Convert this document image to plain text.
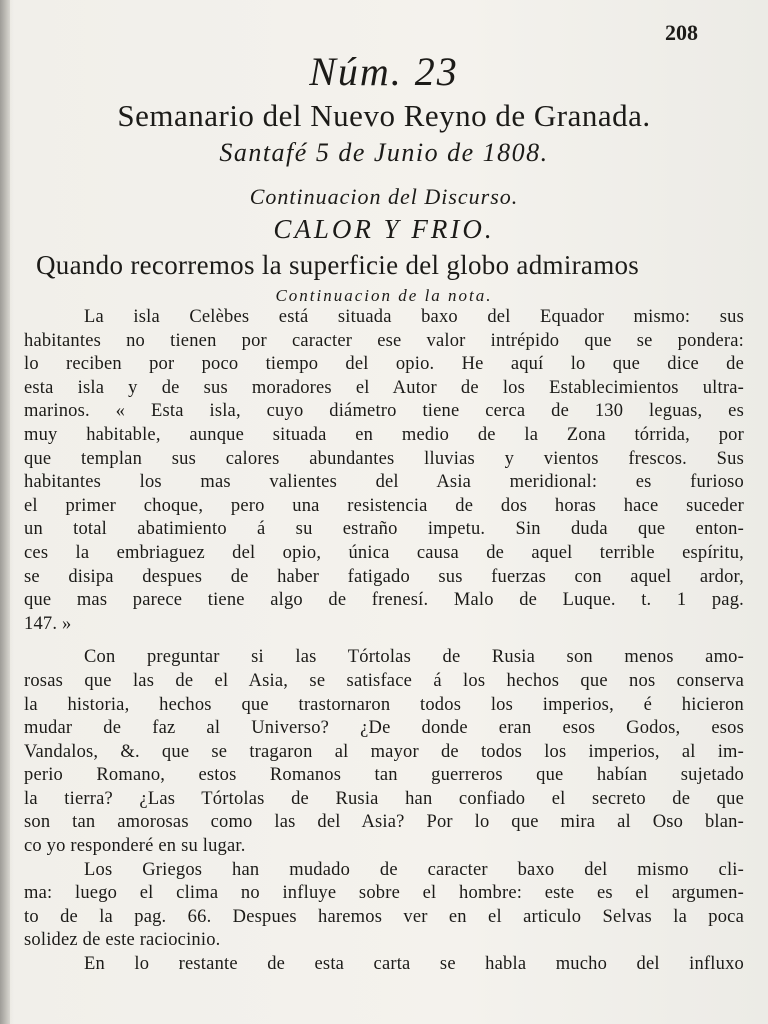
208
Núm. 23
Semanario del Nuevo Reyno de Granada.
Santafé 5 de Junio de 1808.
Continuacion del Discurso.
CALOR Y FRIO.
Quando recorremos la superficie del globo admiramos
Continuacion de la nota.
La isla Celèbes está situada baxo del Equador mismo: sus
habitantes no tienen por caracter ese valor intrépido que se pondera:
lo reciben por poco tiempo del opio. He aquí lo que dice de
esta isla y de sus moradores el Autor de los Establecimientos ultra-
marinos. « Esta isla, cuyo diámetro tiene cerca de 130 leguas, es
muy habitable, aunque situada en medio de la Zona tórrida, por
que templan sus calores abundantes lluvias y vientos frescos. Sus
habitantes los mas valientes del Asia meridional: es furioso
el primer choque, pero una resistencia de dos horas hace suceder
un total abatimiento á su estraño impetu. Sin duda que enton-
ces la embriaguez del opio, única causa de aquel terrible espíritu,
se disipa despues de haber fatigado sus fuerzas con aquel ardor,
que mas parece tiene algo de frenesí. Malo de Luque. t. 1 pag.
147. »
Con preguntar si las Tórtolas de Rusia son menos amo-
rosas que las de el Asia, se satisface á los hechos que nos conserva
la historia, hechos que trastornaron todos los imperios, é hicieron
mudar de faz al Universo? ¿De donde eran esos Godos, esos
Vandalos, &. que se tragaron al mayor de todos los imperios, al im-
perio Romano, estos Romanos tan guerreros que habían sujetado
la tierra? ¿Las Tórtolas de Rusia han confiado el secreto de que
son tan amorosas como las del Asia? Por lo que mira al Oso blan-
co yo responderé en su lugar.
Los Griegos han mudado de caracter baxo del mismo cli-
ma: luego el clima no influye sobre el hombre: este es el argumen-
to de la pag. 66. Despues haremos ver en el articulo Selvas la poca
solidez de este raciocinio.
En lo restante de esta carta se habla mucho del influxo
